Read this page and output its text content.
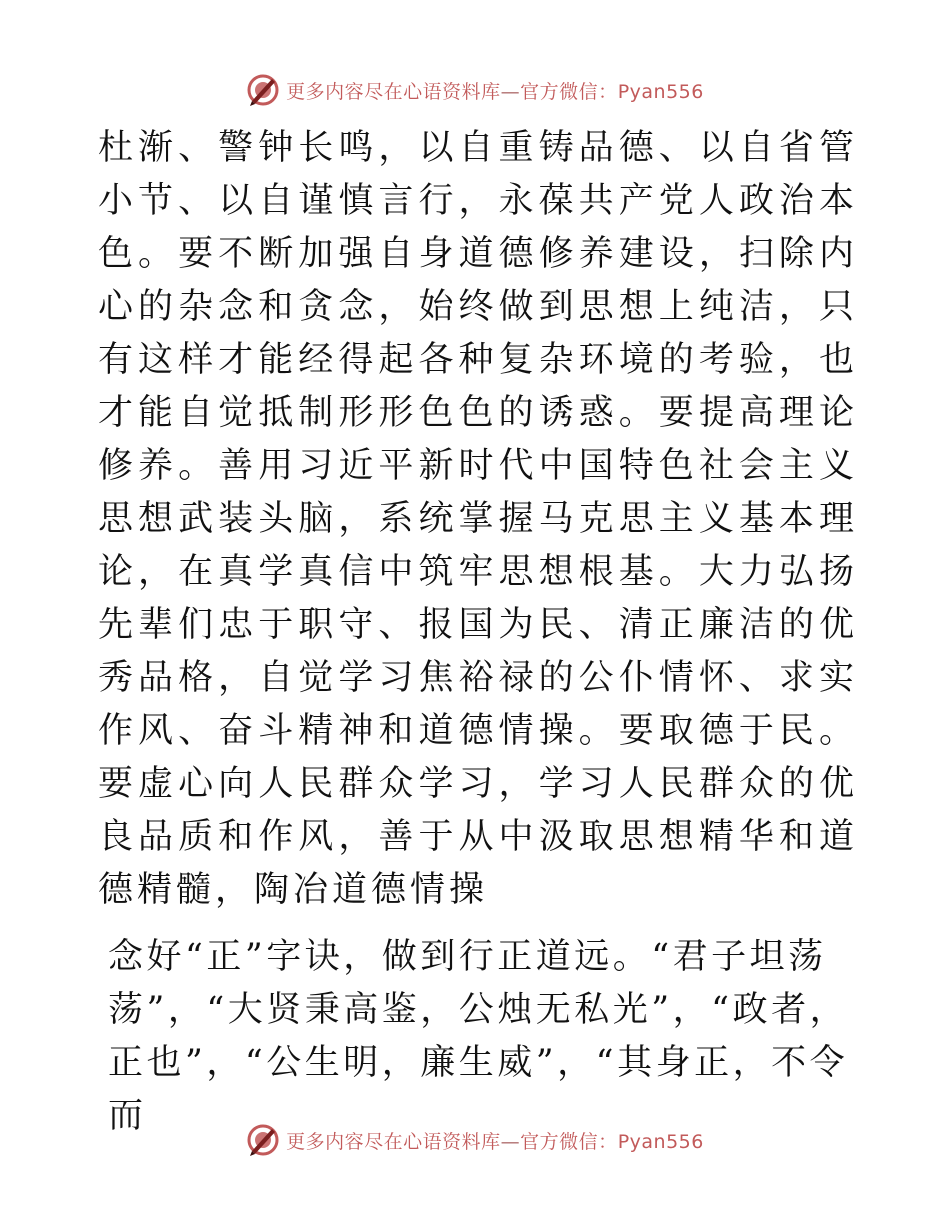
更多内容尽在心语资料库—官方微信：Pyan556

杜渐、警钟长鸣，以自重铸品德、以自省管小节、以自谨慎言行，永葆共产党人政治本色。要不断加强自身道德修养建设，扫除内心的杂念和贪念，始终做到思想上纯洁，只有这样才能经得起各种复杂环境的考验，也才能自觉抵制形形色色的诱惑。要提高理论修养。善用习近平新时代中国特色社会主义思想武装头脑，系统掌握马克思主义基本理论，在真学真信中筑牢思想根基。大力弘扬先辈们忠于职守、报国为民、清正廉洁的优秀品格，自觉学习焦裕禄的公仆情怀、求实作风、奋斗精神和道德情操。要取德于民。要虚心向人民群众学习，学习人民群众的优良品质和作风，善于从中汲取思想精华和道德精髓，陶冶道德情操

念好“正”字诀，做到行正道远。“君子坦荡荡”，“大贤秉高鉴，公烛无私光”，“政者，正也”，“公生明，廉生威”，“其身正，不令而

更多内容尽在心语资料库—官方微信：Pyan556
